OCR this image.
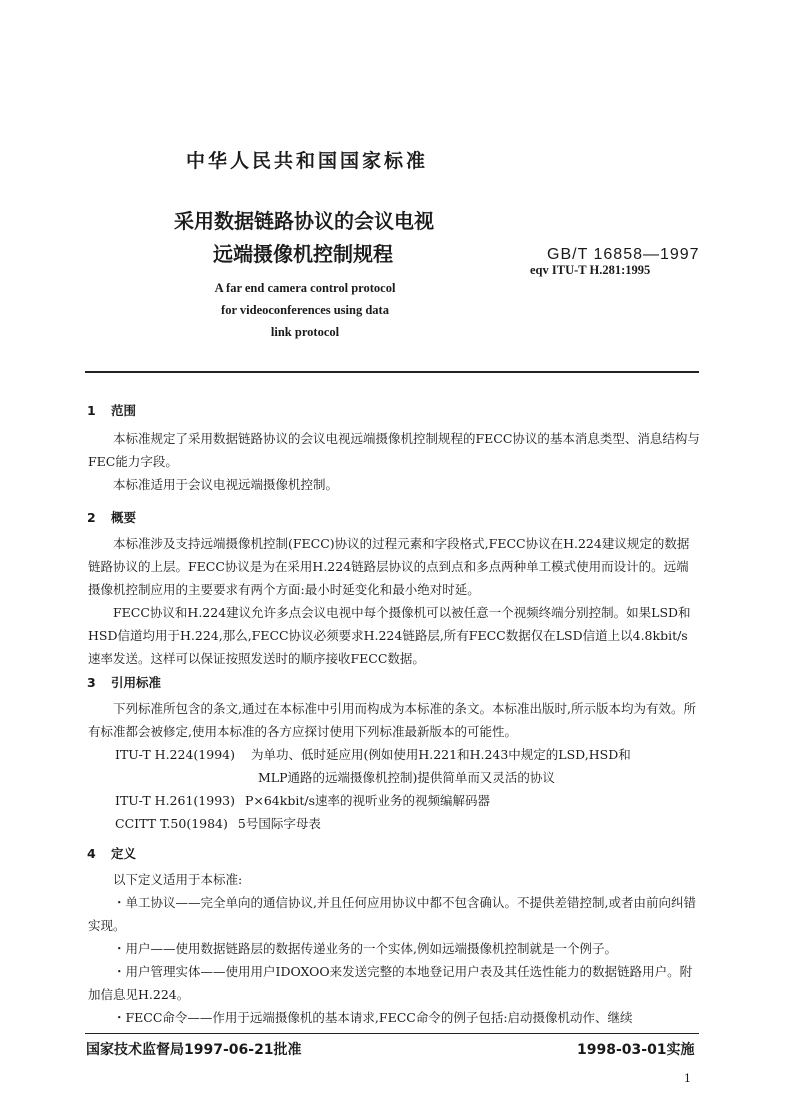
中华人民共和国国家标准
采用数据链路协议的会议电视
远端摄像机控制规程	GB/T 16858—1997
eqv ITU-T H.281:1995
A far end camera control protocol
for videoconferences using data
link protocol
1 范围
本标准规定了采用数据链路协议的会议电视远端摄像机控制规程的FECC协议的基本消息类型、消息结构与FEC能力字段。
本标准适用于会议电视远端摄像机控制。
2 概要
本标准涉及支持远端摄像机控制(FECC)协议的过程元素和字段格式,FECC协议在H.224建议规定的数据链路协议的上层。FECC协议是为在采用H.224链路层协议的点到点和多点两种单工模式使用而设计的。远端摄像机控制应用的主要要求有两个方面:最小时延变化和最小绝对时延。
FECC协议和H.224建议允许多点会议电视中每个摄像机可以被任意一个视频终端分别控制。如果LSD和HSD信道均用于H.224,那么,FECC协议必须要求H.224链路层,所有FECC数据仅在LSD信道上以4.8kbit/s速率发送。这样可以保证按照发送时的顺序接收FECC数据。
3 引用标准
下列标准所包含的条文,通过在本标准中引用而构成为本标准的条文。本标准出版时,所示版本均为有效。所有标准都会被修定,使用本标准的各方应探讨使用下列标准最新版本的可能性。
ITU-T H.224(1994) 为单功、低时延应用(例如使用H.221和H.243中规定的LSD,HSD和
MLP通路的远端摄像机控制)提供简单而又灵活的协议
ITU-T H.261(1993) P×64kbit/s速率的视听业务的视频编解码器
CCITT T.50(1984) 5号国际字母表
4 定义
以下定义适用于本标准:
・单工协议——完全单向的通信协议,并且任何应用协议中都不包含确认。不提供差错控制,或者由前向纠错实现。
・用户——使用数据链路层的数据传递业务的一个实体,例如远端摄像机控制就是一个例子。
・用户管理实体——使用用户IDOXOO来发送完整的本地登记用户表及其任选性能力的数据链路用户。附加信息见H.224。
・FECC命令——作用于远端摄像机的基本请求,FECC命令的例子包括:启动摄像机动作、继续
国家技术监督局1997-06-21批准	1998-03-01实施
1
